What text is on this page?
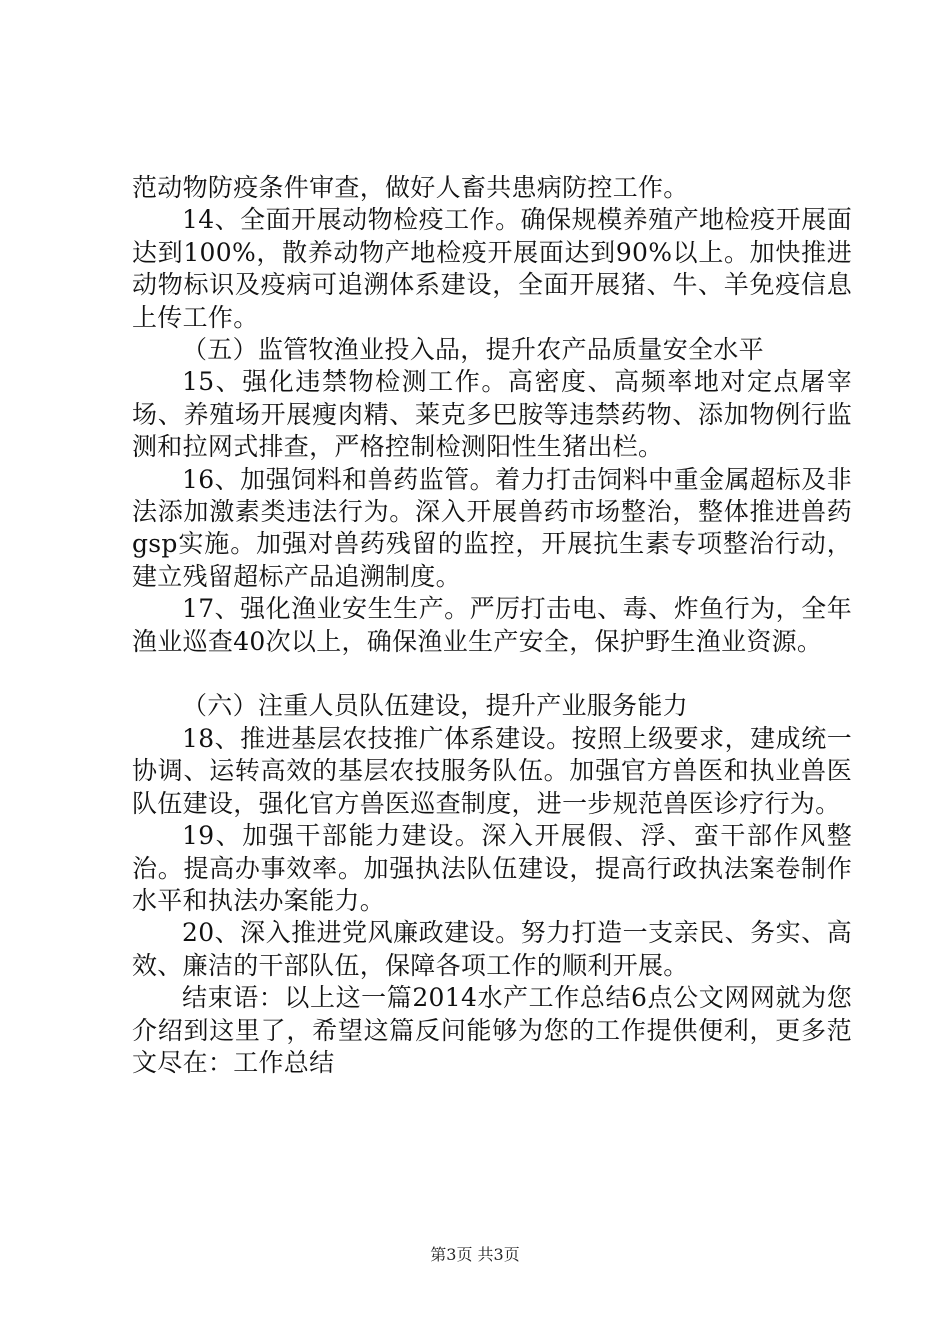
范动物防疫条件审查，做好人畜共患病防控工作。

14、全面开展动物检疫工作。确保规模养殖产地检疫开展面达到100%，散养动物产地检疫开展面达到90%以上。加快推进动物标识及疫病可追溯体系建设，全面开展猪、牛、羊免疫信息上传工作。

（五）监管牧渔业投入品，提升农产品质量安全水平

15、强化违禁物检测工作。高密度、高频率地对定点屠宰场、养殖场开展瘦肉精、莱克多巴胺等违禁药物、添加物例行监测和拉网式排查，严格控制检测阳性生猪出栏。

16、加强饲料和兽药监管。着力打击饲料中重金属超标及非法添加激素类违法行为。深入开展兽药市场整治，整体推进兽药gsp实施。加强对兽药残留的监控，开展抗生素专项整治行动，建立残留超标产品追溯制度。

17、强化渔业安生生产。严厉打击电、毒、炸鱼行为，全年渔业巡查40次以上，确保渔业生产安全，保护野生渔业资源。

（六）注重人员队伍建设，提升产业服务能力

18、推进基层农技推广体系建设。按照上级要求，建成统一协调、运转高效的基层农技服务队伍。加强官方兽医和执业兽医队伍建设，强化官方兽医巡查制度，进一步规范兽医诊疗行为。

19、加强干部能力建设。深入开展假、浮、蛮干部作风整治。提高办事效率。加强执法队伍建设，提高行政执法案卷制作水平和执法办案能力。

20、深入推进党风廉政建设。努力打造一支亲民、务实、高效、廉洁的干部队伍，保障各项工作的顺利开展。

结束语：以上这一篇2014水产工作总结6点公文网网就为您介绍到这里了，希望这篇反问能够为您的工作提供便利，更多范文尽在：工作总结

第3页 共3页
